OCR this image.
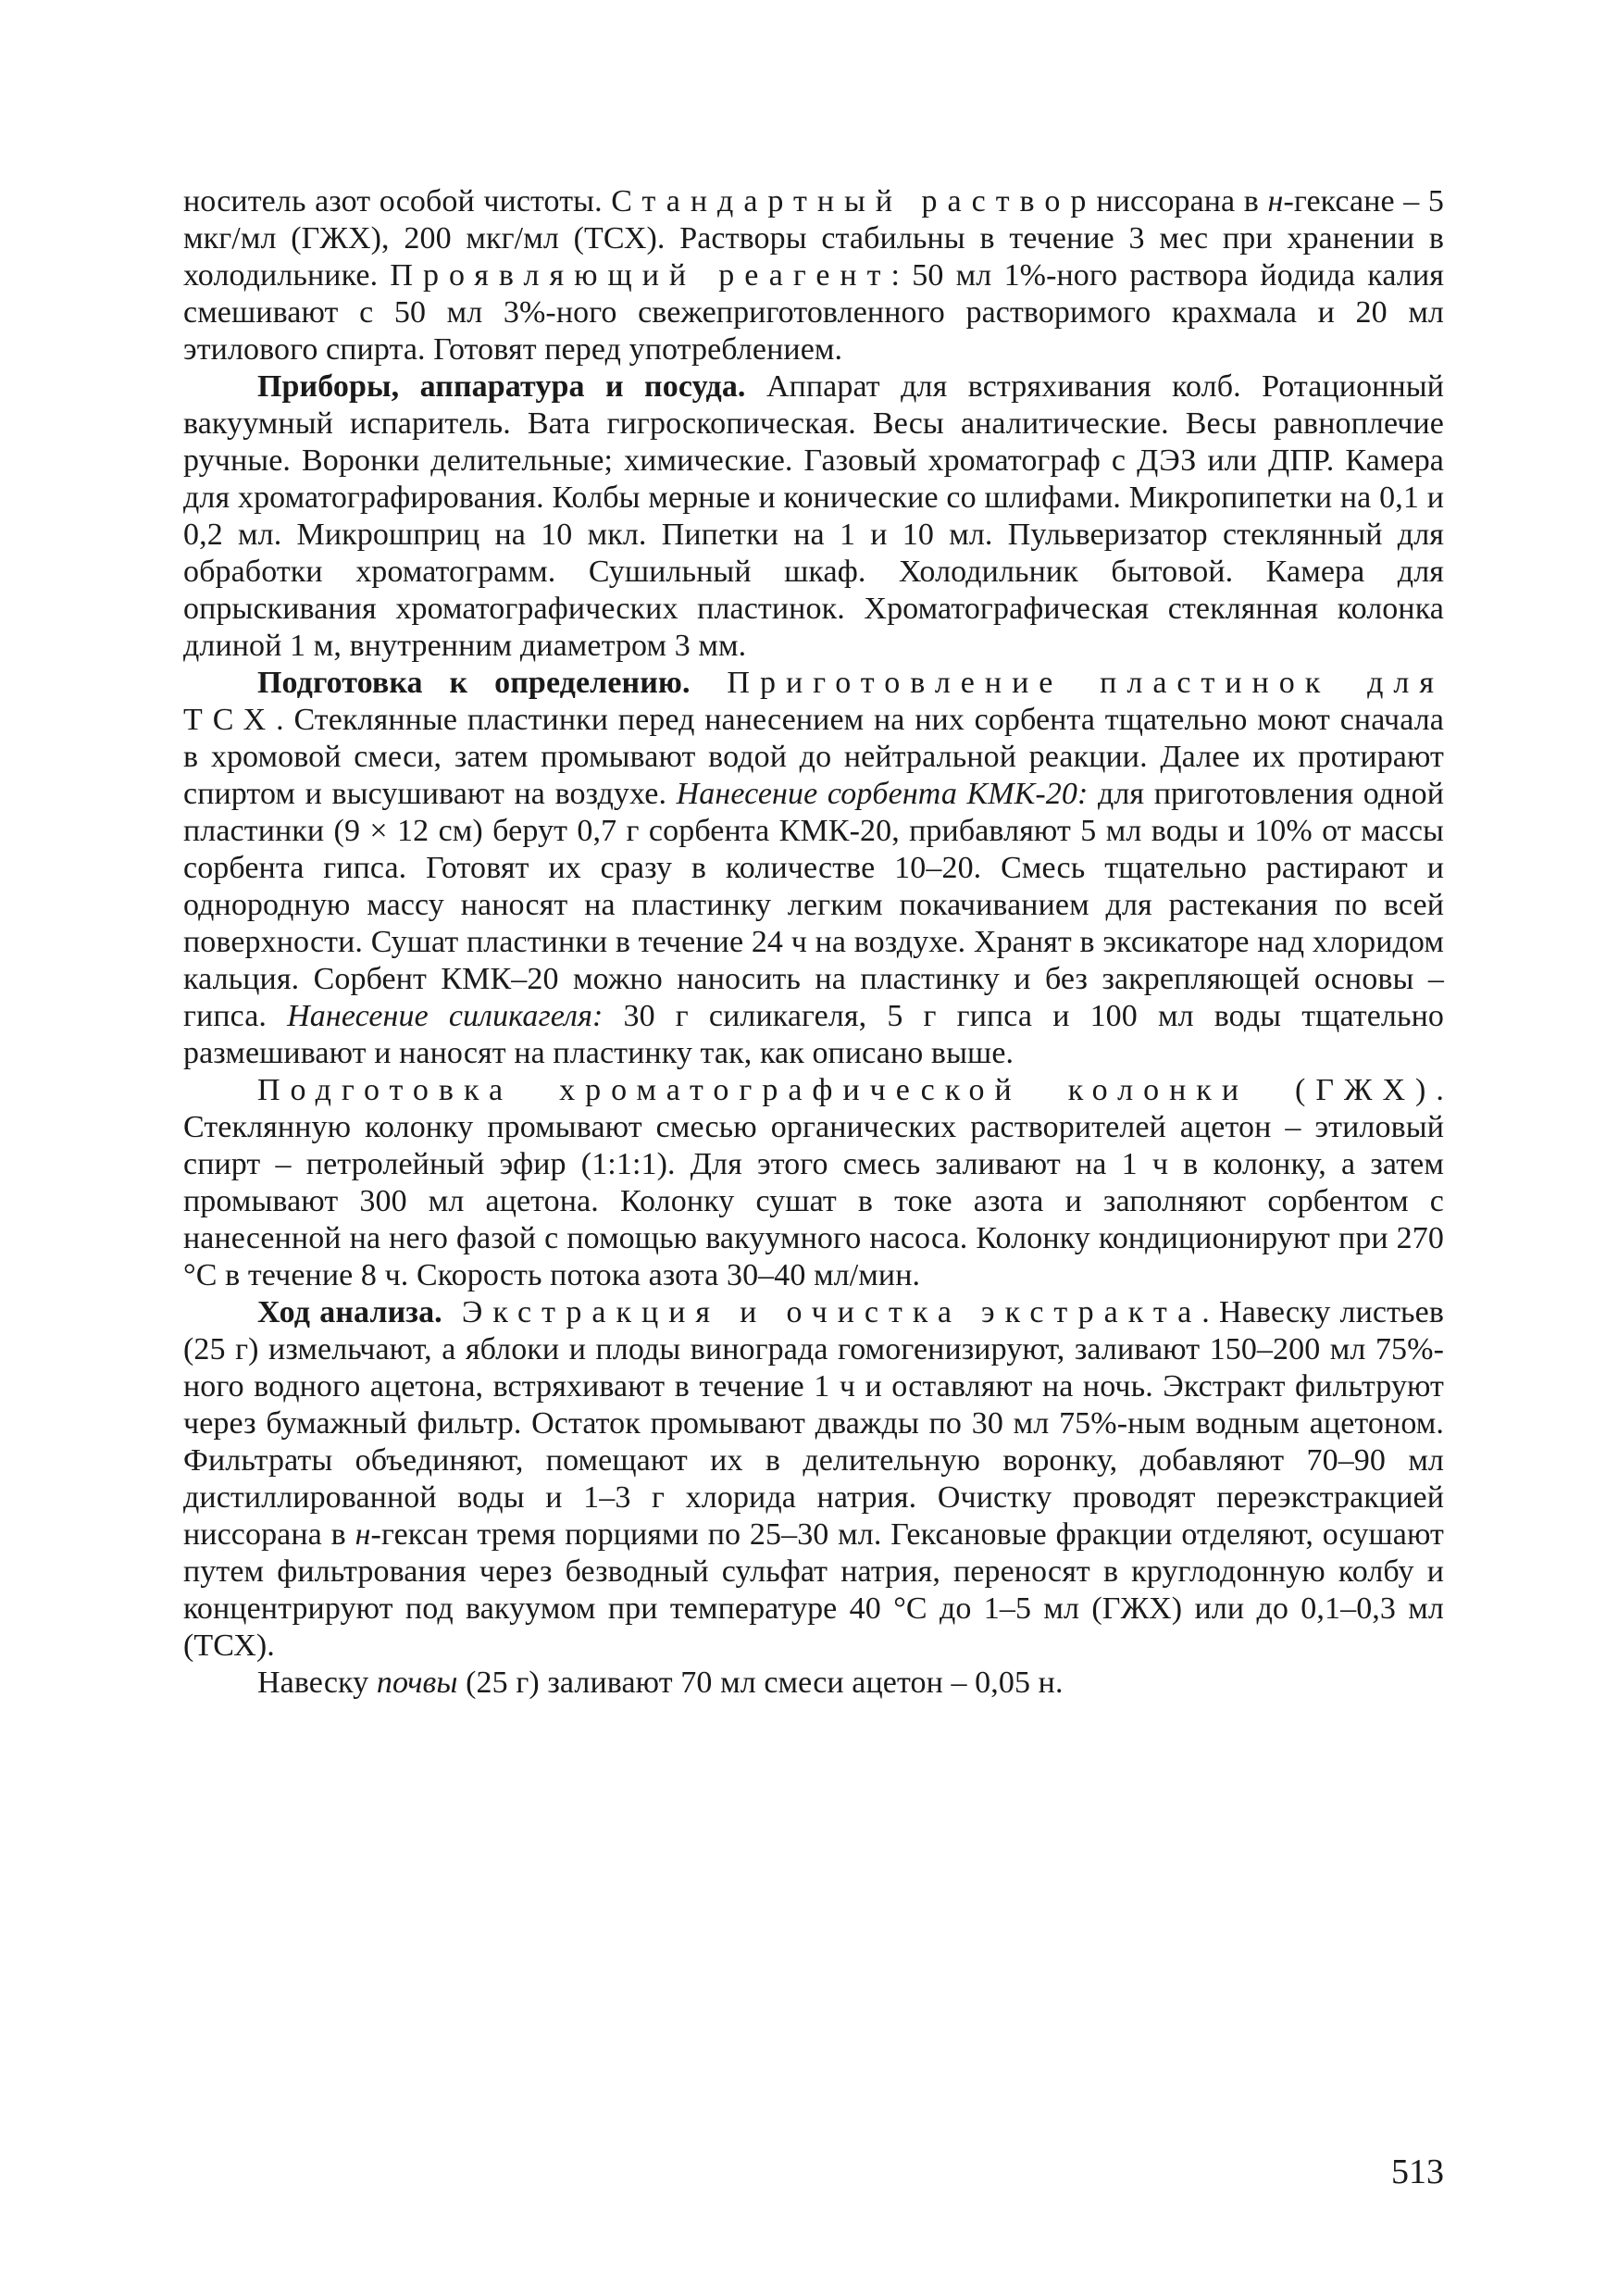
носитель азот особой чистоты. Стандартный растворниссорана в н-гексане – 5 мкг/мл (ГЖХ), 200 мкг/мл (ТСХ). Растворы стабильны в течение 3 мес при хранении в холодильнике. Проявляющий реагент: 50 мл 1%-ного раствора йодида калия смешивают с 50 мл 3%-ного свежеприготовленного растворимого крахмала и 20 мл этилового спирта. Готовят перед употреблением.

Приборы, аппаратура и посуда. Аппарат для встряхивания колб. Ротационный вакуумный испаритель. Вата гигроскопическая. Весы аналитические. Весы равноплечие ручные. Воронки делительные; химические. Газовый хроматограф с ДЭЗ или ДПР. Камера для хроматографирования. Колбы мерные и конические со шлифами. Микропипетки на 0,1 и 0,2 мл. Микрошприц на 10 мкл. Пипетки на 1 и 10 мл. Пульверизатор стеклянный для обработки хроматограмм. Сушильный шкаф. Холодильник бытовой. Камера для опрыскивания хроматографических пластинок. Хроматографическая стеклянная колонка длиной 1 м, внутренним диаметром 3 мм.

Подготовка к определению. Приготовление пластинок для ТСХ. Стеклянные пластинки перед нанесением на них сорбента тщательно моют сначала в хромовой смеси, затем промывают водой до нейтральной реакции. Далее их протирают спиртом и высушивают на воздухе. Нанесение сорбента КМК-20: для приготовления одной пластинки (9 × 12 см) берут 0,7 г сорбента КМК-20, прибавляют 5 мл воды и 10% от массы сорбента гипса. Готовят их сразу в количестве 10–20. Смесь тщательно растирают и однородную массу наносят на пластинку легким покачиванием для растекания по всей поверхности. Сушат пластинки в течение 24 ч на воздухе. Хранят в эксикаторе над хлоридом кальция. Сорбент КМК–20 можно наносить на пластинку и без закрепляющей основы – гипса. Нанесение силикагеля: 30 г силикагеля, 5 г гипса и 100 мл воды тщательно размешивают и наносят на пластинку так, как описано выше.

Подготовка хроматографической колонки (ГЖХ). Стеклянную колонку промывают смесью органических растворителей ацетон – этиловый спирт – петролейный эфир (1:1:1). Для этого смесь заливают на 1 ч в колонку, а затем промывают 300 мл ацетона. Колонку сушат в токе азота и заполняют сорбентом с нанесенной на него фазой с помощью вакуумного насоса. Колонку кондиционируют при 270 °С в течение 8 ч. Скорость потока азота 30–40 мл/мин.

Ход анализа. Экстракция и очистка экстракта. Навеску листьев (25 г) измельчают, а яблоки и плоды винограда гомогенизируют, заливают 150–200 мл 75%-ного водного ацетона, встряхивают в течение 1 ч и оставляют на ночь. Экстракт фильтруют через бумажный фильтр. Остаток промывают дважды по 30 мл 75%-ным водным ацетоном. Фильтраты объединяют, помещают их в делительную воронку, добавляют 70–90 мл дистиллированной воды и 1–3 г хлорида натрия. Очистку проводят переэкстракцией ниссорана в н-гексан тремя порциями по 25–30 мл. Гексановые фракции отделяют, осушают путем фильтрования через безводный сульфат натрия, переносят в круглодонную колбу и концентрируют под вакуумом при температуре 40 °С до 1–5 мл (ГЖХ) или до 0,1–0,3 мл (ТСХ).

Навеску почвы (25 г) заливают 70 мл смеси ацетон – 0,05 н.

513
